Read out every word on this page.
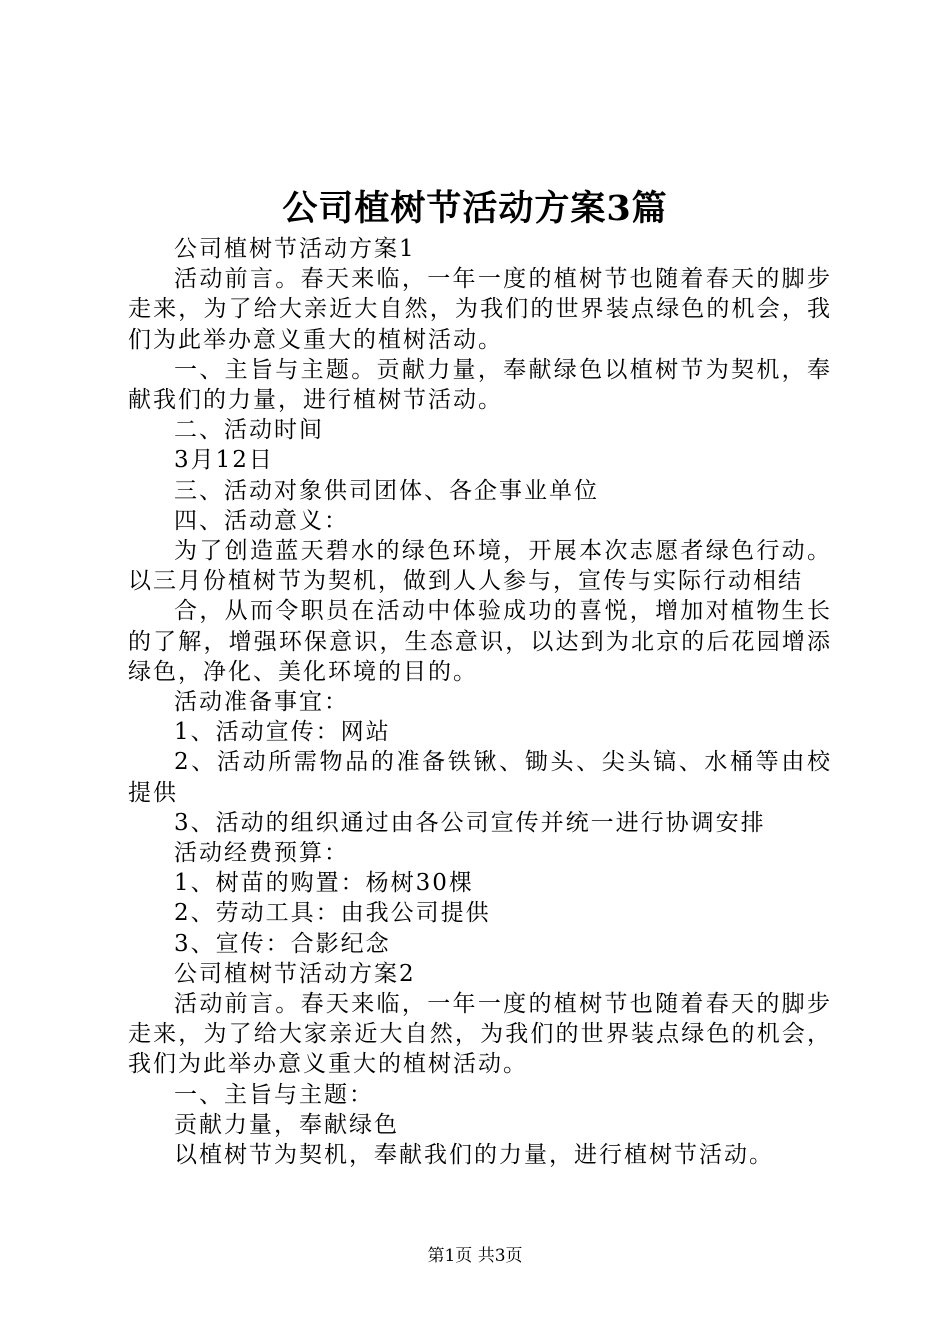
公司植树节活动方案3篇

公司植树节活动方案1

活动前言。春天来临，一年一度的植树节也随着春天的脚步走来，为了给大亲近大自然，为我们的世界装点绿色的机会，我们为此举办意义重大的植树活动。

一、主旨与主题。贡献力量，奉献绿色以植树节为契机，奉献我们的力量，进行植树节活动。

二、活动时间

3月12日

三、活动对象供司团体、各企事业单位

四、活动意义：

为了创造蓝天碧水的绿色环境，开展本次志愿者绿色行动。以三月份植树节为契机，做到人人参与，宣传与实际行动相结

合，从而令职员在活动中体验成功的喜悦，增加对植物生长的了解，增强环保意识，生态意识，以达到为北京的后花园增添绿色，净化、美化环境的目的。

活动准备事宜：

1、活动宣传：网站

2、活动所需物品的准备铁锹、锄头、尖头镐、水桶等由校提供

3、活动的组织通过由各公司宣传并统一进行协调安排

活动经费预算：

1、树苗的购置：杨树30棵

2、劳动工具：由我公司提供

3、宣传：合影纪念

公司植树节活动方案2

活动前言。春天来临，一年一度的植树节也随着春天的脚步走来，为了给大家亲近大自然，为我们的世界装点绿色的机会，我们为此举办意义重大的植树活动。

一、主旨与主题：

贡献力量，奉献绿色

以植树节为契机，奉献我们的力量，进行植树节活动。

第1页 共3页
